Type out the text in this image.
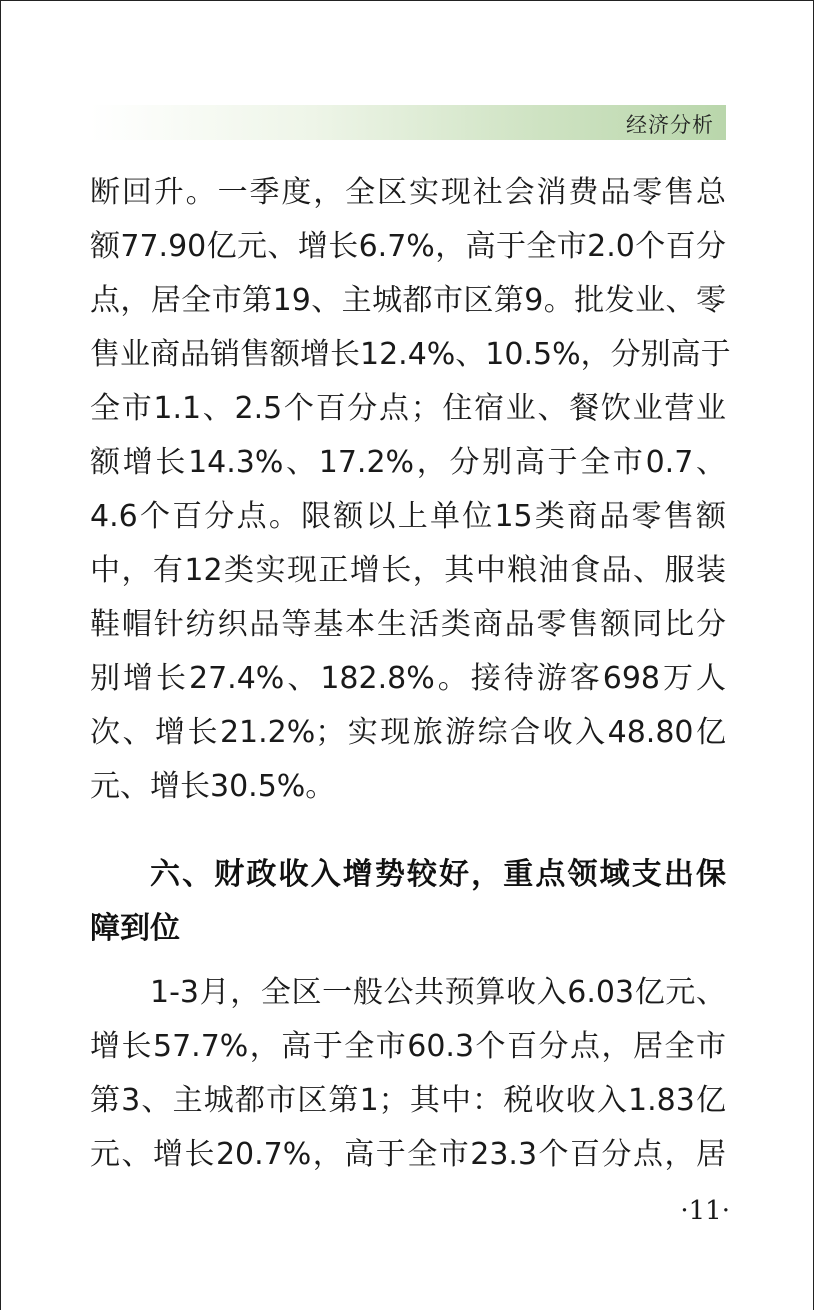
经济分析
断回升。一季度，全区实现社会消费品零售总
额77.90亿元、增长6.7%，高于全市2.0个百分
点，居全市第19、主城都市区第9。批发业、零
售业商品销售额增长12.4%、10.5%，分别高于
全市1.1、2.5个百分点；住宿业、餐饮业营业
额增长14.3%、17.2%，分别高于全市0.7、
4.6个百分点。限额以上单位15类商品零售额
中，有12类实现正增长，其中粮油食品、服装
鞋帽针纺织品等基本生活类商品零售额同比分
别增长27.4%、182.8%。接待游客698万人
次、增长21.2%；实现旅游综合收入48.80亿
元、增长30.5%。
六、财政收入增势较好，重点领域支出保
障到位
1-3月，全区一般公共预算收入6.03亿元、
增长57.7%，高于全市60.3个百分点，居全市
第3、主城都市区第1；其中：税收收入1.83亿
元、增长20.7%，高于全市23.3个百分点，居
·11·
